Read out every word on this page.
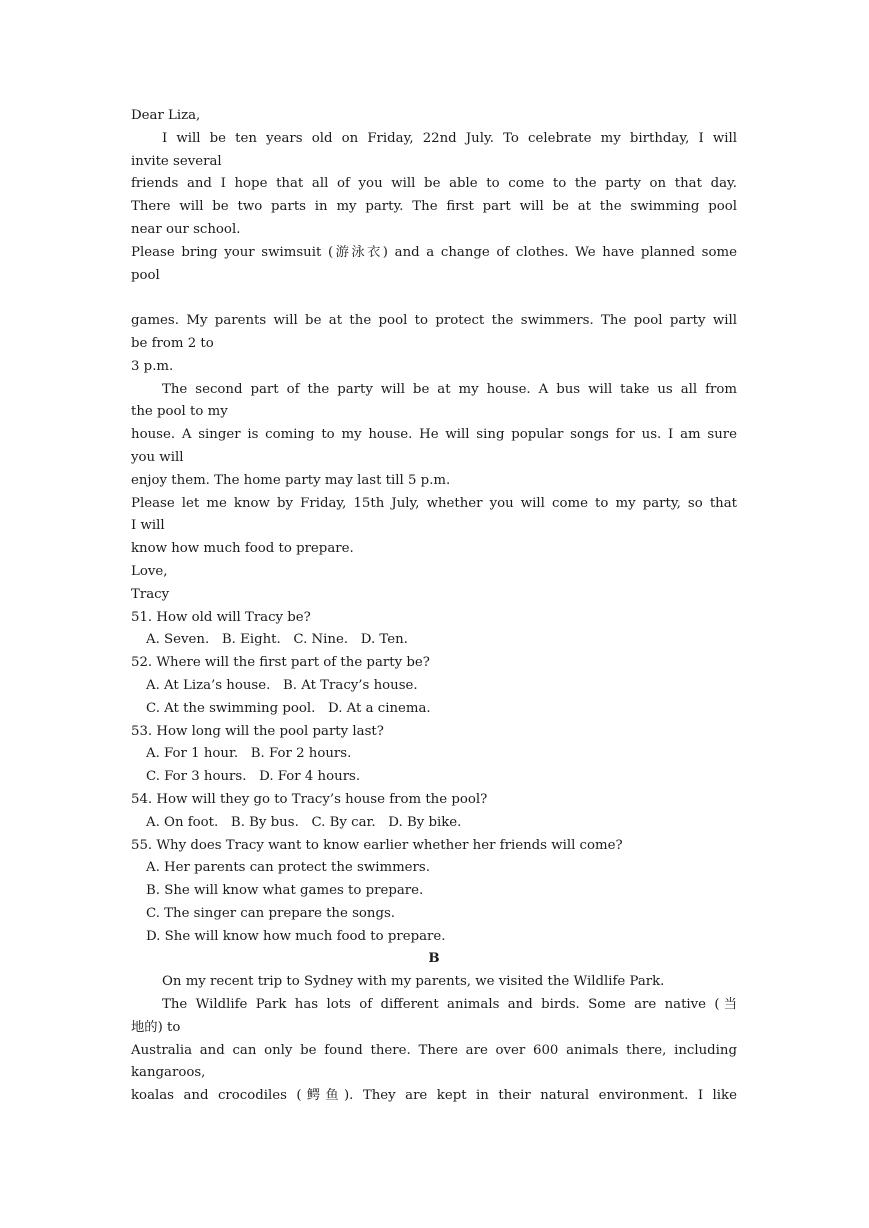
Dear Liza,
I will be ten years old on Friday, 22nd July. To celebrate my birthday, I will
invite several
friends and I hope that all of you will be able to come to the party on that day.
There will be two parts in my party. The first part will be at the swimming pool
near our school.
Please bring your swimsuit (游泳衣) and a change of clothes. We have planned some
pool
games. My parents will be at the pool to protect the swimmers. The pool party will
be from 2 to
3 p.m.
The second part of the party will be at my house. A bus will take us all from
the pool to my
house. A singer is coming to my house. He will sing popular songs for us. I am sure
you will
enjoy them. The home party may last till 5 p.m.
Please let me know by Friday, 15th July, whether you will come to my party, so that
I will
know how much food to prepare.
Love,
Tracy
51. How old will Tracy be?
A. Seven.   B. Eight.   C. Nine.   D. Ten.
52. Where will the first part of the party be?
A. At Liza’s house.   B. At Tracy’s house.
C. At the swimming pool.   D. At a cinema.
53. How long will the pool party last?
A. For 1 hour.   B. For 2 hours.
C. For 3 hours.   D. For 4 hours.
54. How will they go to Tracy’s house from the pool?
A. On foot.   B. By bus.   C. By car.   D. By bike.
55. Why does Tracy want to know earlier whether her friends will come?
A. Her parents can protect the swimmers.
B. She will know what games to prepare.
C. The singer can prepare the songs.
D. She will know how much food to prepare.
B
On my recent trip to Sydney with my parents, we visited the Wildlife Park.
The Wildlife Park has lots of different animals and birds. Some are native (当
地的) to
Australia and can only be found there. There are over 600 animals there, including
kangaroos,
koalas and crocodiles (鳄鱼). They are kept in their natural environment. I like
